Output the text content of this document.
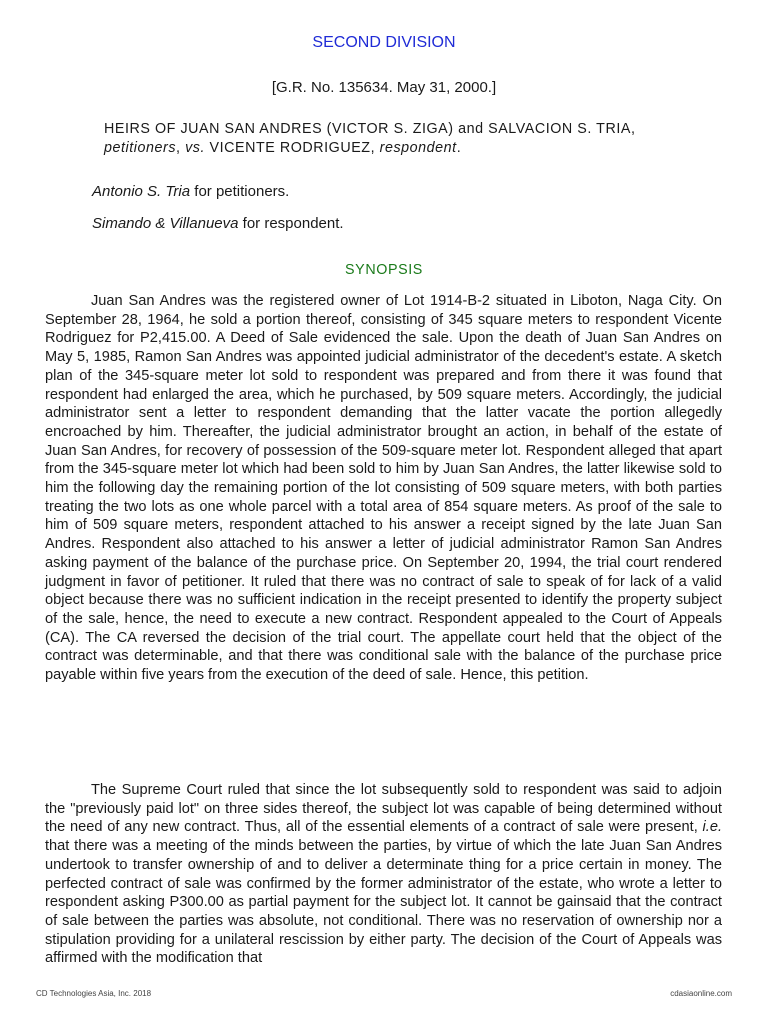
SECOND DIVISION
[G.R. No. 135634. May 31, 2000.]
HEIRS OF JUAN SAN ANDRES (VICTOR S. ZIGA) and SALVACION S. TRIA, petitioners, vs. VICENTE RODRIGUEZ, respondent.
Antonio S. Tria for petitioners.
Simando & Villanueva for respondent.
SYNOPSIS

Juan San Andres was the registered owner of Lot 1914-B-2 situated in Liboton, Naga City. On September 28, 1964, he sold a portion thereof, consisting of 345 square meters to respondent Vicente Rodriguez for P2,415.00. A Deed of Sale evidenced the sale. Upon the death of Juan San Andres on May 5, 1985, Ramon San Andres was appointed judicial administrator of the decedent's estate. A sketch plan of the 345-square meter lot sold to respondent was prepared and from there it was found that respondent had enlarged the area, which he purchased, by 509 square meters. Accordingly, the judicial administrator sent a letter to respondent demanding that the latter vacate the portion allegedly encroached by him. Thereafter, the judicial administrator brought an action, in behalf of the estate of Juan San Andres, for recovery of possession of the 509-square meter lot. Respondent alleged that apart from the 345-square meter lot which had been sold to him by Juan San Andres, the latter likewise sold to him the following day the remaining portion of the lot consisting of 509 square meters, with both parties treating the two lots as one whole parcel with a total area of 854 square meters. As proof of the sale to him of 509 square meters, respondent attached to his answer a receipt signed by the late Juan San Andres. Respondent also attached to his answer a letter of judicial administrator Ramon San Andres asking payment of the balance of the purchase price. On September 20, 1994, the trial court rendered judgment in favor of petitioner. It ruled that there was no contract of sale to speak of for lack of a valid object because there was no sufficient indication in the receipt presented to identify the property subject of the sale, hence, the need to execute a new contract. Respondent appealed to the Court of Appeals (CA). The CA reversed the decision of the trial court. The appellate court held that the object of the contract was determinable, and that there was conditional sale with the balance of the purchase price payable within five years from the execution of the deed of sale. Hence, this petition.

The Supreme Court ruled that since the lot subsequently sold to respondent was said to adjoin the "previously paid lot" on three sides thereof, the subject lot was capable of being determined without the need of any new contract. Thus, all of the essential elements of a contract of sale were present, i.e. that there was a meeting of the minds between the parties, by virtue of which the late Juan San Andres undertook to transfer ownership of and to deliver a determinate thing for a price certain in money. The perfected contract of sale was confirmed by the former administrator of the estate, who wrote a letter to respondent asking P300.00 as partial payment for the subject lot. It cannot be gainsaid that the contract of sale between the parties was absolute, not conditional. There was no reservation of ownership nor a stipulation providing for a unilateral rescission by either party. The decision of the Court of Appeals was affirmed with the modification that

CD Technologies Asia, Inc. 2018	cdasiaonline.com
